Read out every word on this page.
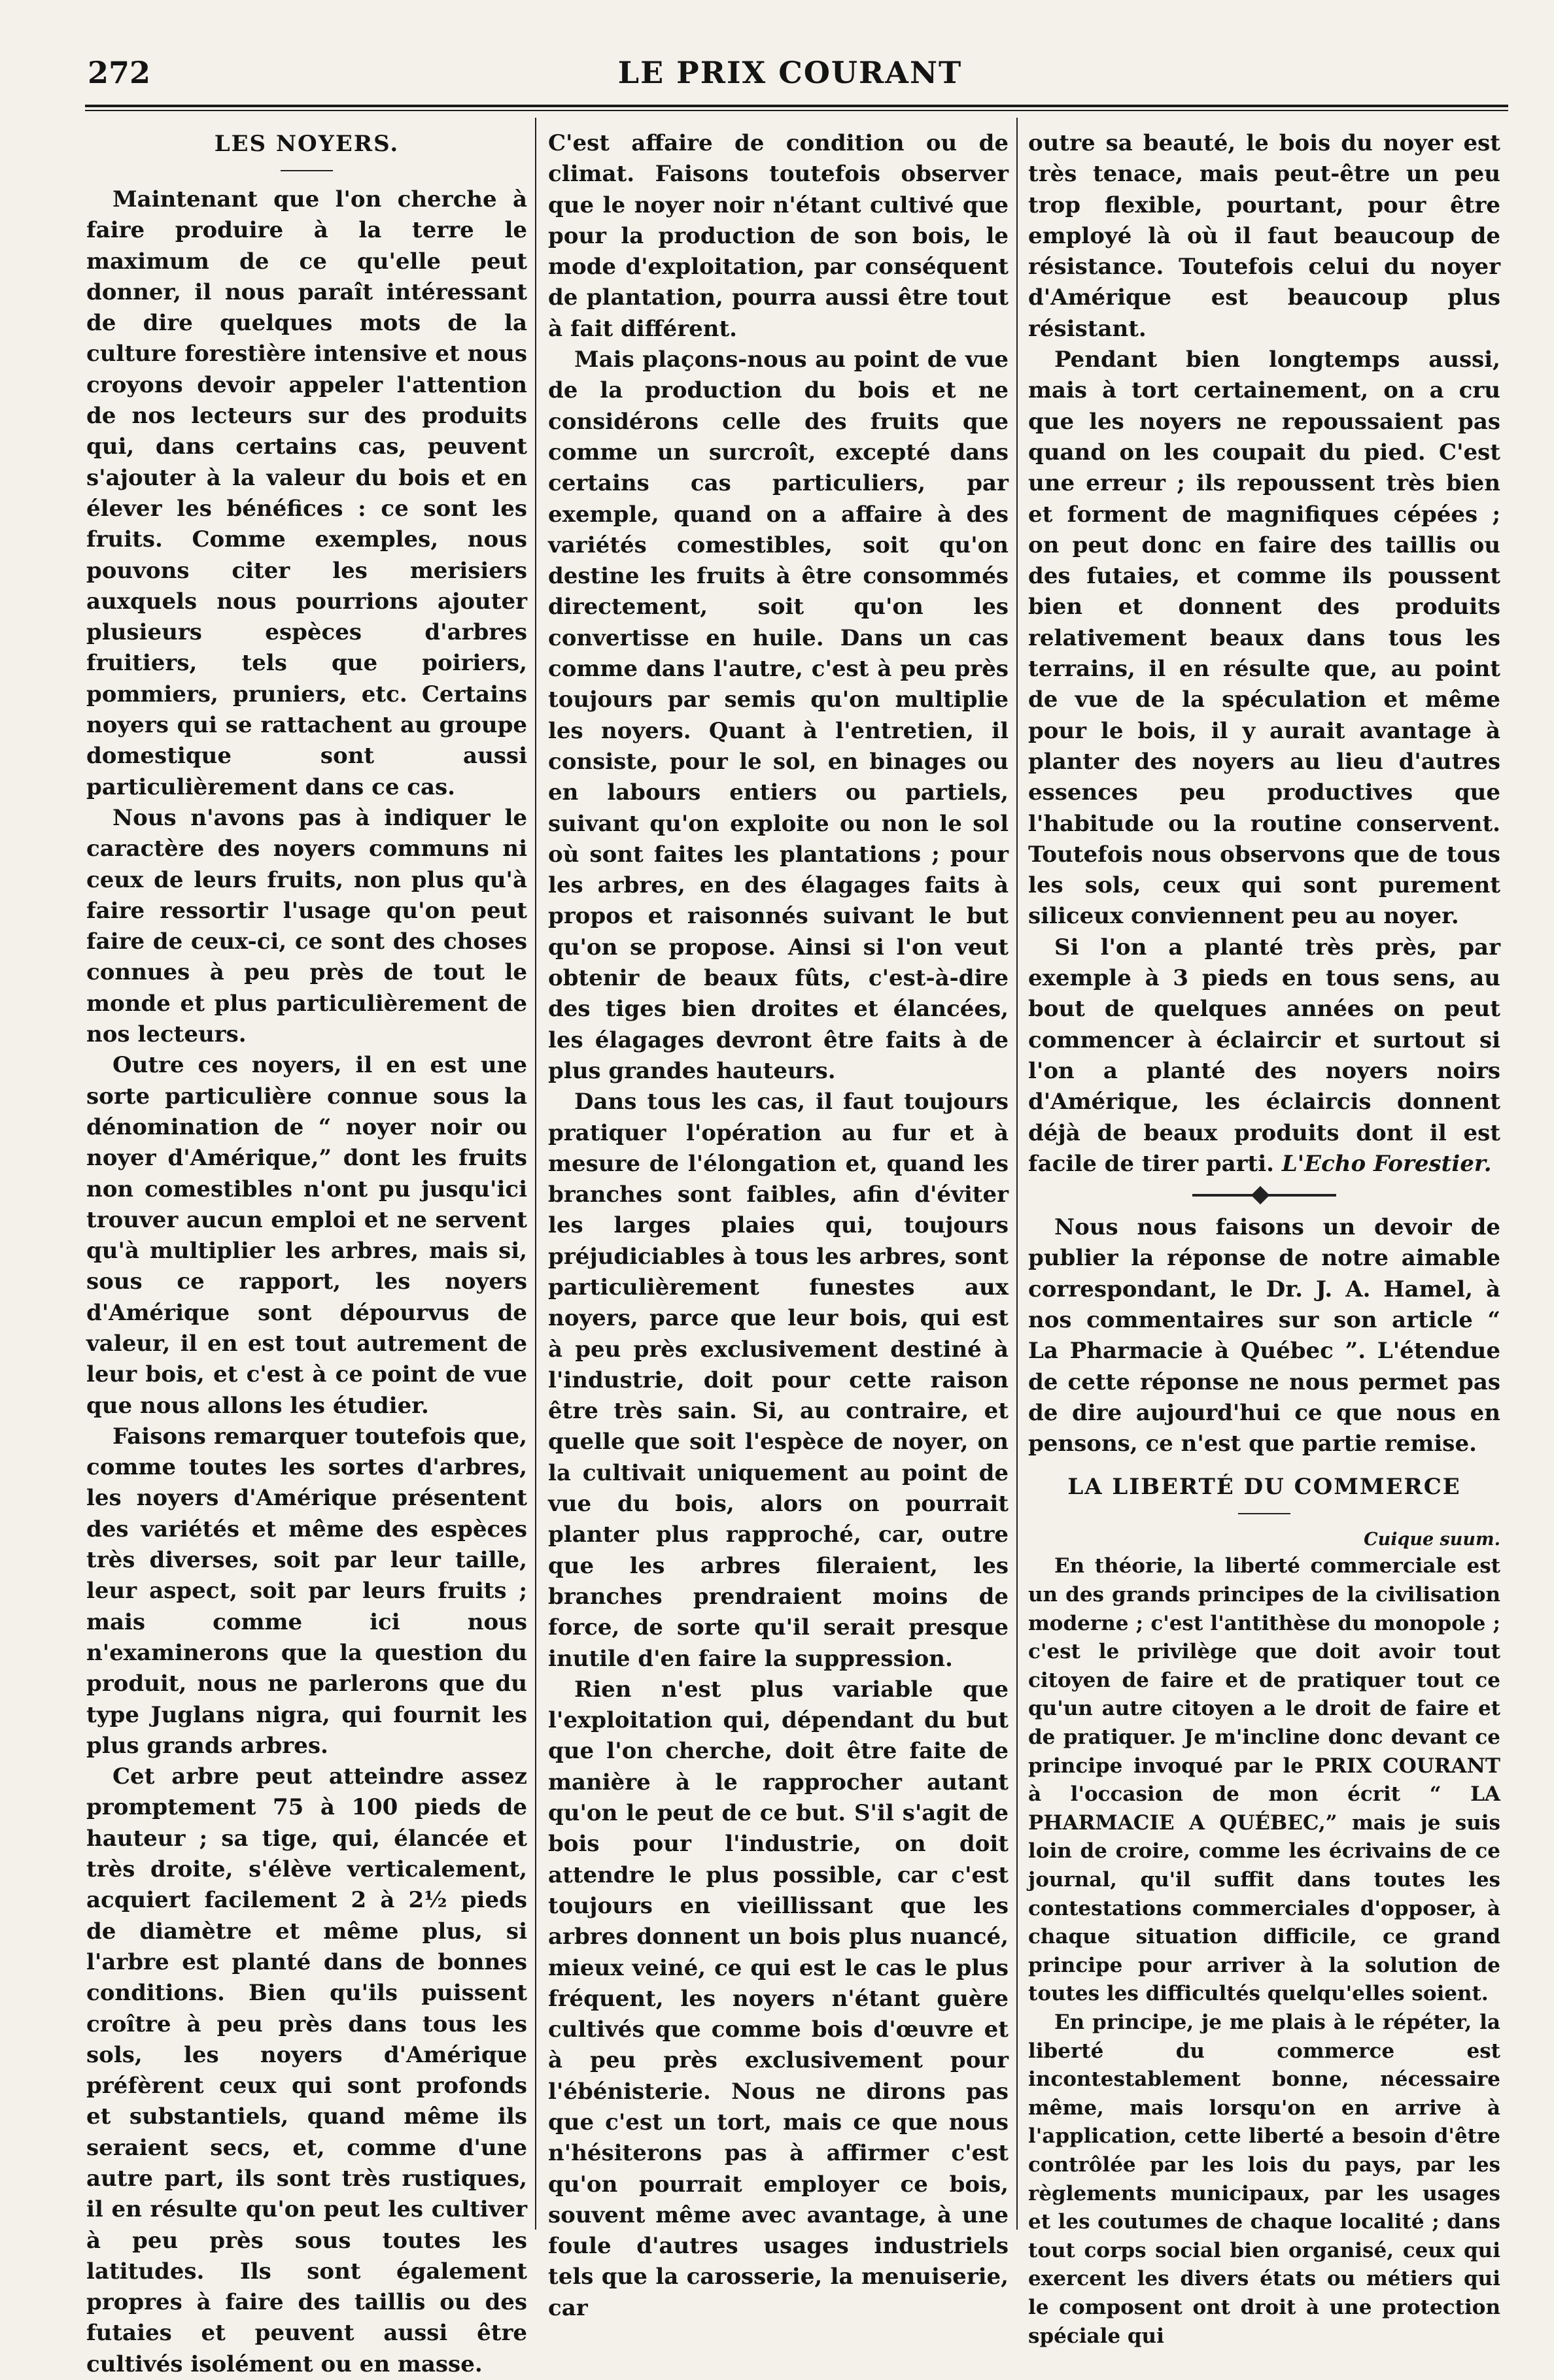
272	LE PRIX COURANT
LES NOYERS.

Maintenant que l'on cherche à faire produire à la terre le maximum de ce qu'elle peut donner, il nous paraît intéressant de dire quelques mots de la culture forestière intensive et nous croyons devoir appeler l'attention de nos lecteurs sur des produits qui, dans certains cas, peuvent s'ajouter à la valeur du bois et en élever les bénéfices : ce sont les fruits. Comme exemples, nous pouvons citer les merisiers auxquels nous pourrions ajouter plusieurs espèces d'arbres fruitiers, tels que poiriers, pommiers, pruniers, etc. Certains noyers qui se rattachent au groupe domestique sont aussi particulièrement dans ce cas.

Nous n'avons pas à indiquer le caractère des noyers communs ni ceux de leurs fruits, non plus qu'à faire ressortir l'usage qu'on peut faire de ceux-ci, ce sont des choses connues à peu près de tout le monde et plus particulièrement de nos lecteurs.

Outre ces noyers, il en est une sorte particulière connue sous la dénomination de “ noyer noir ou noyer d'Amérique,” dont les fruits non comestibles n'ont pu jusqu'ici trouver aucun emploi et ne servent qu'à multiplier les arbres, mais si, sous ce rapport, les noyers d'Amérique sont dépourvus de valeur, il en est tout autrement de leur bois, et c'est à ce point de vue que nous allons les étudier.

Faisons remarquer toutefois que, comme toutes les sortes d'arbres, les noyers d'Amérique présentent des variétés et même des espèces très diverses, soit par leur taille, leur aspect, soit par leurs fruits ; mais comme ici nous n'examinerons que la question du produit, nous ne parlerons que du type Juglans nigra, qui fournit les plus grands arbres.

Cet arbre peut atteindre assez promptement 75 à 100 pieds de hauteur ; sa tige, qui, élancée et très droite, s'élève verticalement, acquiert facilement 2 à 2½ pieds de diamètre et même plus, si l'arbre est planté dans de bonnes conditions. Bien qu'ils puissent croître à peu près dans tous les sols, les noyers d'Amérique préfèrent ceux qui sont profonds et substantiels, quand même ils seraient secs, et, comme d'une autre part, ils sont très rustiques, il en résulte qu'on peut les cultiver à peu près sous toutes les latitudes. Ils sont également propres à faire des taillis ou des futaies et peuvent aussi être cultivés isolément ou en masse.

C'est affaire de condition ou de climat. Faisons toutefois observer que le noyer noir n'étant cultivé que pour la production de son bois, le mode d'exploitation, par conséquent de plantation, pourra aussi être tout à fait différent.

Mais plaçons-nous au point de vue de la production du bois et ne considérons celle des fruits que comme un surcroît, excepté dans certains cas particuliers, par exemple, quand on a affaire à des variétés comestibles, soit qu'on destine les fruits à être consommés directement, soit qu'on les convertisse en huile. Dans un cas comme dans l'autre, c'est à peu près toujours par semis qu'on multiplie les noyers. Quant à l'entretien, il consiste, pour le sol, en binages ou en labours entiers ou partiels, suivant qu'on exploite ou non le sol où sont faites les plantations ; pour les arbres, en des élagages faits à propos et raisonnés suivant le but qu'on se propose. Ainsi si l'on veut obtenir de beaux fûts, c'est-à-dire des tiges bien droites et élancées, les élagages devront être faits à de plus grandes hauteurs.

Dans tous les cas, il faut toujours pratiquer l'opération au fur et à mesure de l'élongation et, quand les branches sont faibles, afin d'éviter les larges plaies qui, toujours préjudiciables à tous les arbres, sont particulièrement funestes aux noyers, parce que leur bois, qui est à peu près exclusivement destiné à l'industrie, doit pour cette raison être très sain. Si, au contraire, et quelle que soit l'espèce de noyer, on la cultivait uniquement au point de vue du bois, alors on pourrait planter plus rapproché, car, outre que les arbres fileraient, les branches prendraient moins de force, de sorte qu'il serait presque inutile d'en faire la suppression.

Rien n'est plus variable que l'exploitation qui, dépendant du but que l'on cherche, doit être faite de manière à le rapprocher autant qu'on le peut de ce but. S'il s'agit de bois pour l'industrie, on doit attendre le plus possible, car c'est toujours en vieillissant que les arbres donnent un bois plus nuancé, mieux veiné, ce qui est le cas le plus fréquent, les noyers n'étant guère cultivés que comme bois d'œuvre et à peu près exclusivement pour l'ébénisterie. Nous ne dirons pas que c'est un tort, mais ce que nous n'hésiterons pas à affirmer c'est qu'on pourrait employer ce bois, souvent même avec avantage, à une foule d'autres usages industriels tels que la carosserie, la menuiserie, car

outre sa beauté, le bois du noyer est très tenace, mais peut-être un peu trop flexible, pourtant, pour être employé là où il faut beaucoup de résistance. Toutefois celui du noyer d'Amérique est beaucoup plus résistant.

Pendant bien longtemps aussi, mais à tort certainement, on a cru que les noyers ne repoussaient pas quand on les coupait du pied. C'est une erreur ; ils repoussent très bien et forment de magnifiques cépées ; on peut donc en faire des taillis ou des futaies, et comme ils poussent bien et donnent des produits relativement beaux dans tous les terrains, il en résulte que, au point de vue de la spéculation et même pour le bois, il y aurait avantage à planter des noyers au lieu d'autres essences peu productives que l'habitude ou la routine conservent. Toutefois nous observons que de tous les sols, ceux qui sont purement siliceux conviennent peu au noyer.

Si l'on a planté très près, par exemple à 3 pieds en tous sens, au bout de quelques années on peut commencer à éclaircir et surtout si l'on a planté des noyers noirs d'Amérique, les éclaircis donnent déjà de beaux produits dont il est facile de tirer parti. L'Echo Forestier.

Nous nous faisons un devoir de publier la réponse de notre aimable correspondant, le Dr. J. A. Hamel, à nos commentaires sur son article “ La Pharmacie à Québec ”. L'étendue de cette réponse ne nous permet pas de dire aujourd'hui ce que nous en pensons, ce n'est que partie remise.

LA LIBERTÉ DU COMMERCE

Cuique suum.

En théorie, la liberté commerciale est un des grands principes de la civilisation moderne ; c'est l'antithèse du monopole ; c'est le privilège que doit avoir tout citoyen de faire et de pratiquer tout ce qu'un autre citoyen a le droit de faire et de pratiquer. Je m'incline donc devant ce principe invoqué par le PRIX COURANT à l'occasion de mon écrit “ LA PHARMACIE A QUÉBEC,” mais je suis loin de croire, comme les écrivains de ce journal, qu'il suffit dans toutes les contestations commerciales d'opposer, à chaque situation difficile, ce grand principe pour arriver à la solution de toutes les difficultés quelqu'elles soient.

En principe, je me plais à le répéter, la liberté du commerce est incontestablement bonne, nécessaire même, mais lorsqu'on en arrive à l'application, cette liberté a besoin d'être contrôlée par les lois du pays, par les règlements municipaux, par les usages et les coutumes de chaque localité ; dans tout corps social bien organisé, ceux qui exercent les divers états ou métiers qui le composent ont droit à une protection spéciale qui
